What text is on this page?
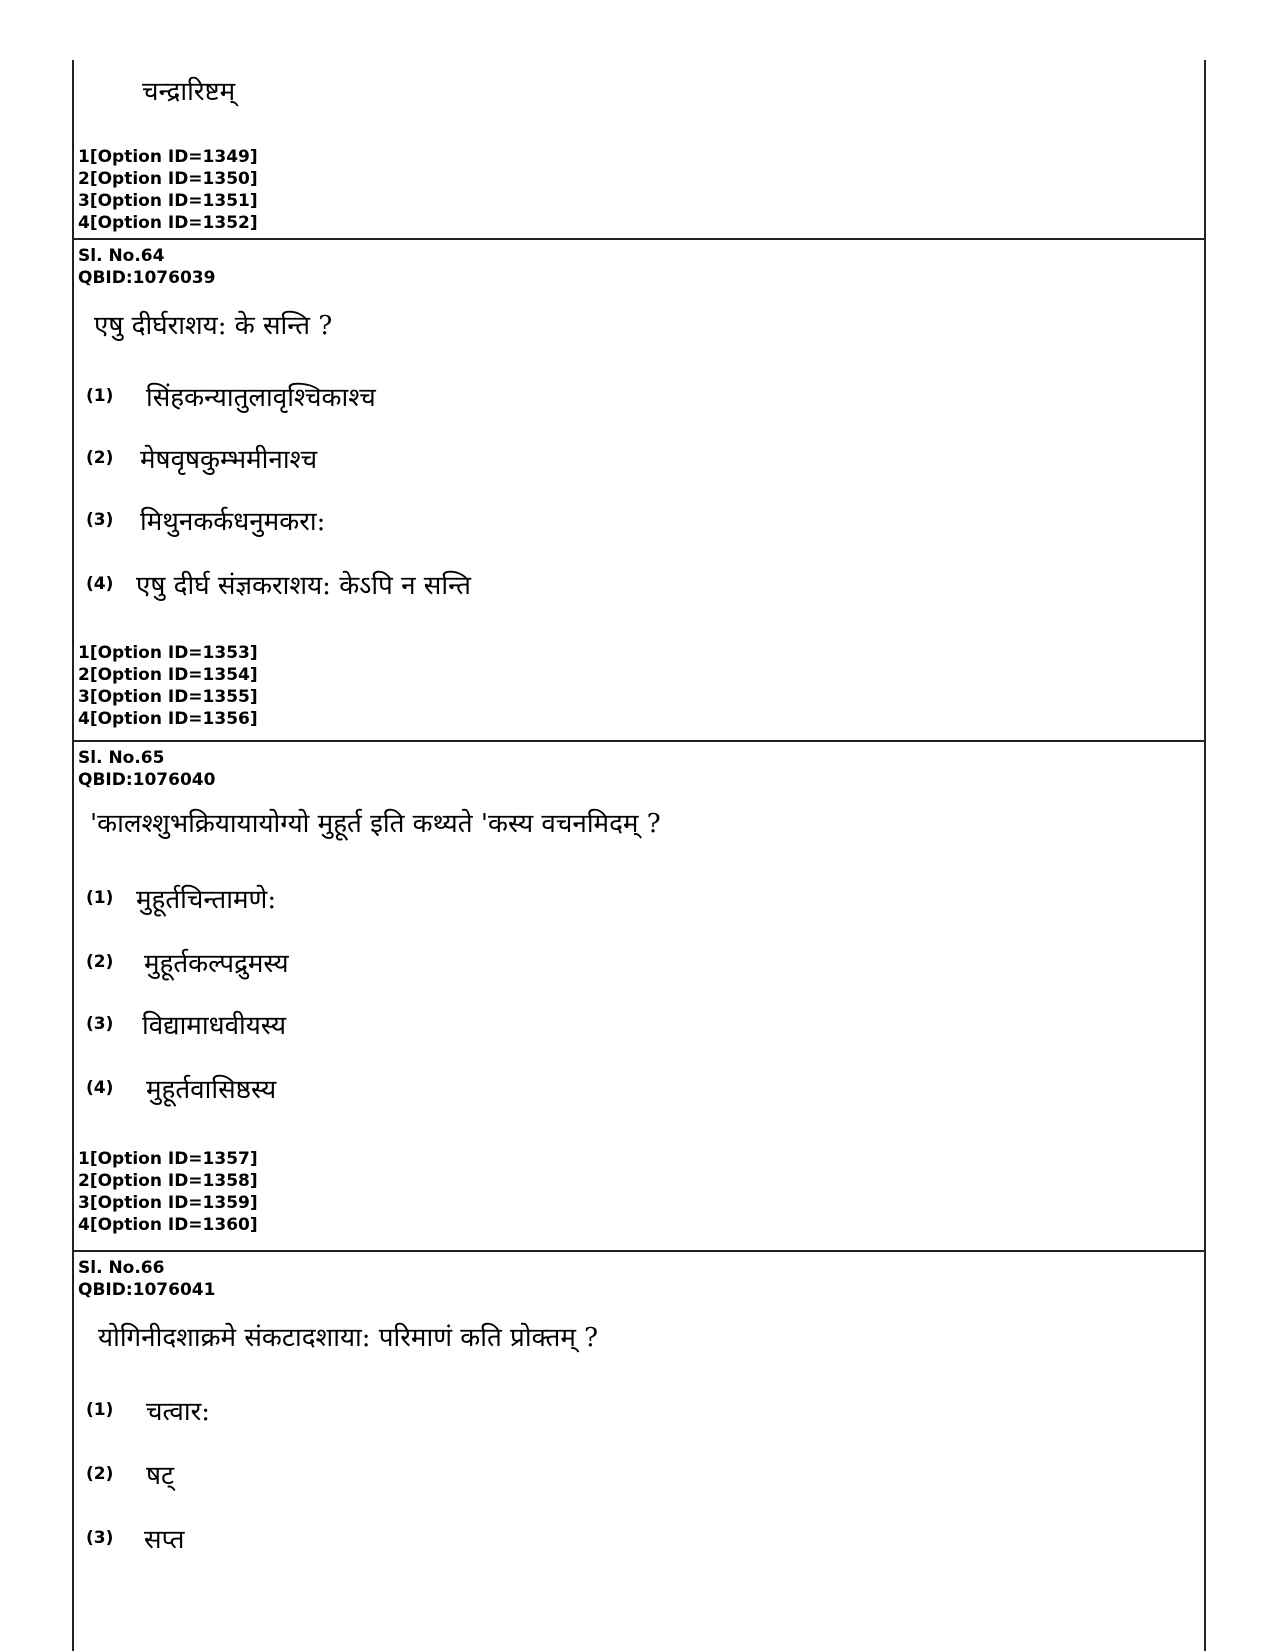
चन्द्रारिष्टम्
1[Option ID=1349]
2[Option ID=1350]
3[Option ID=1351]
4[Option ID=1352]
Sl. No.64
QBID:1076039
एषु दीर्घराशय: के सन्ति ?
(1)	सिंहकन्यातुलावृश्चिकाश्च
(2)	मेषवृषकुम्भमीनाश्च
(3)	मिथुनकर्कधनुमकरा:
(4) एषु दीर्घ संज्ञकराशय: केऽपि न सन्ति
1[Option ID=1353]
2[Option ID=1354]
3[Option ID=1355]
4[Option ID=1356]
Sl. No.65
QBID:1076040
'कालश्शुभक्रियायायोग्यो मुहूर्त इति कथ्यते 'कस्य वचनमिदम् ?
(1) मुहूर्तचिन्तामणे:
(2)	मुहूर्तकल्पद्रुमस्य
(3)	विद्यामाधवीयस्य
(4)	मुहूर्तवासिष्ठस्य
1[Option ID=1357]
2[Option ID=1358]
3[Option ID=1359]
4[Option ID=1360]
Sl. No.66
QBID:1076041
योगिनीदशाक्रमे संकटादशाया: परिमाणं कति प्रोक्तम् ?
(1)	चत्वार:
(2)	षट्
(3)	सप्त
